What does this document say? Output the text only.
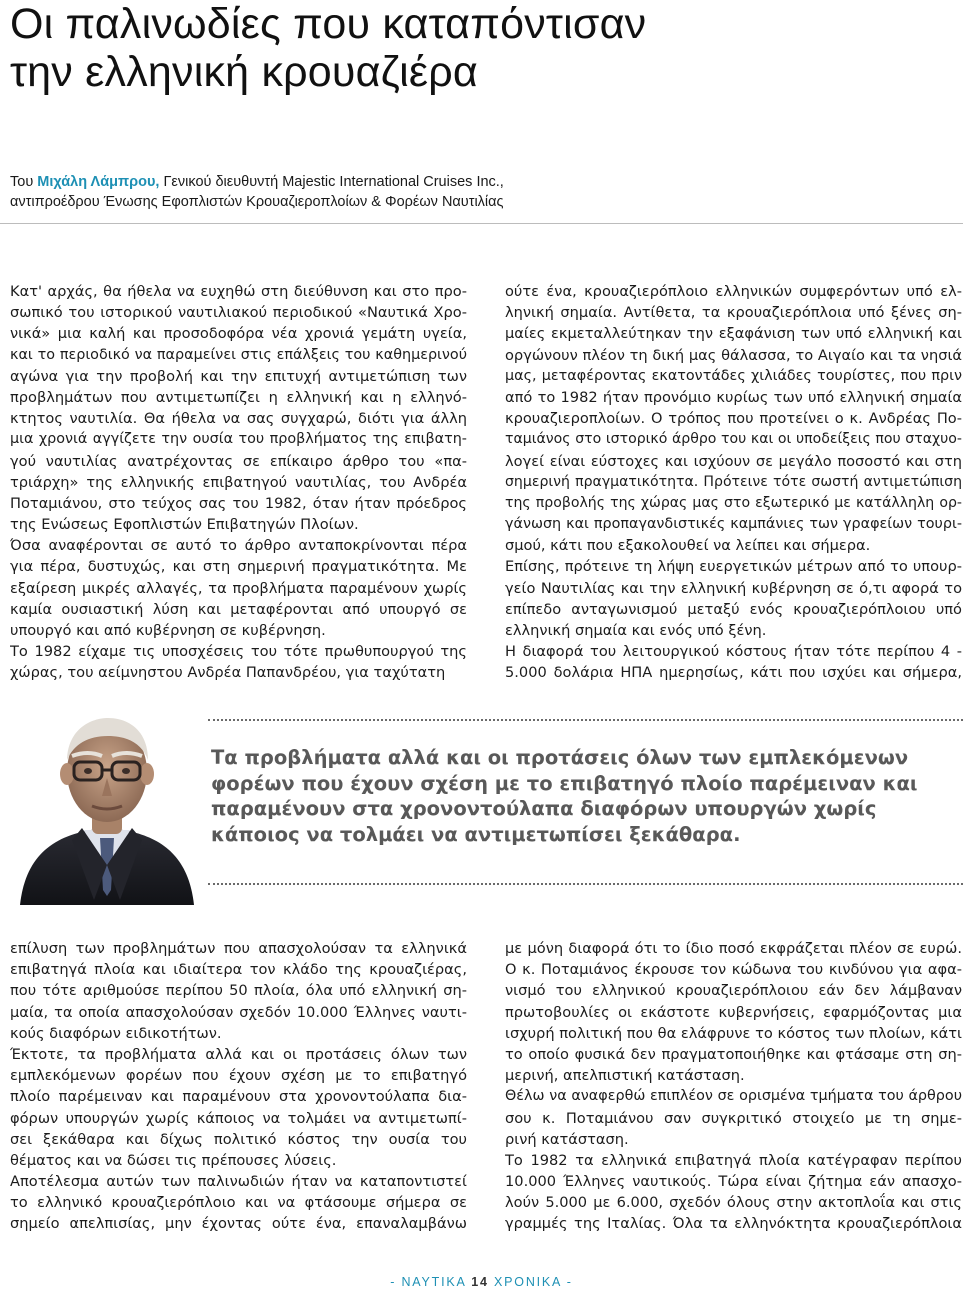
Οι παλινωδίες που καταπόντισαν
την ελληνική κρουαζιέρα
Του Μιχάλη Λάμπρου, Γενικού διευθυντή Majestic International Cruises Inc.,
αντιπροέδρου Ένωσης Εφοπλιστών Κρουαζιεροπλοίων & Φορέων Ναυτιλίας
Κατ' αρχάς, θα ήθελα να ευχηθώ στη διεύθυνση και στο προ-
σωπικό του ιστορικού ναυτιλιακού περιοδικού «Ναυτικά Χρο-
νικά» μια καλή και προσοδοφόρα νέα χρονιά γεμάτη υγεία,
και το περιοδικό να παραμείνει στις επάλξεις του καθημερινού
αγώνα για την προβολή και την επιτυχή αντιμετώπιση των
προβλημάτων που αντιμετωπίζει η ελληνική και η ελληνό-
κτητος ναυτιλία. Θα ήθελα να σας συγχαρώ, διότι για άλλη
μια χρονιά αγγίζετε την ουσία του προβλήματος της επιβατη-
γού ναυτιλίας ανατρέχοντας σε επίκαιρο άρθρο του «πα-
τριάρχη» της ελληνικής επιβατηγού ναυτιλίας, του Ανδρέα
Ποταμιάνου, στο τεύχος σας του 1982, όταν ήταν πρόεδρος
της Ενώσεως Εφοπλιστών Επιβατηγών Πλοίων.
Όσα αναφέρονται σε αυτό το άρθρο ανταποκρίνονται πέρα
για πέρα, δυστυχώς, και στη σημερινή πραγματικότητα. Με
εξαίρεση μικρές αλλαγές, τα προβλήματα παραμένουν χωρίς
καμία ουσιαστική λύση και μεταφέρονται από υπουργό σε
υπουργό και από κυβέρνηση σε κυβέρνηση.
Το 1982 είχαμε τις υποσχέσεις του τότε πρωθυπουργού της
χώρας, του αείμνηστου Ανδρέα Παπανδρέου, για ταχύτατη
ούτε ένα, κρουαζιερόπλοιο ελληνικών συμφερόντων υπό ελ-
ληνική σημαία. Αντίθετα, τα κρουαζιερόπλοια υπό ξένες ση-
μαίες εκμεταλλεύτηκαν την εξαφάνιση των υπό ελληνική και
οργώνουν πλέον τη δική μας θάλασσα, το Αιγαίο και τα νησιά
μας, μεταφέροντας εκατοντάδες χιλιάδες τουρίστες, που πριν
από το 1982 ήταν προνόμιο κυρίως των υπό ελληνική σημαία
κρουαζιεροπλοίων. Ο τρόπος που προτείνει ο κ. Ανδρέας Πο-
ταμιάνος στο ιστορικό άρθρο του και οι υποδείξεις που σταχυο-
λογεί είναι εύστοχες και ισχύουν σε μεγάλο ποσοστό και στη
σημερινή πραγματικότητα. Πρότεινε τότε σωστή αντιμετώπιση
της προβολής της χώρας μας στο εξωτερικό με κατάλληλη ορ-
γάνωση και προπαγανδιστικές καμπάνιες των γραφείων τουρι-
σμού, κάτι που εξακολουθεί να λείπει και σήμερα.
Επίσης, πρότεινε τη λήψη ευεργετικών μέτρων από το υπουρ-
γείο Ναυτιλίας και την ελληνική κυβέρνηση σε ό,τι αφορά το
επίπεδο ανταγωνισμού μεταξύ ενός κρουαζιερόπλοιου υπό
ελληνική σημαία και ενός υπό ξένη.
Η διαφορά του λειτουργικού κόστους ήταν τότε περίπου 4 -
5.000 δολάρια ΗΠΑ ημερησίως, κάτι που ισχύει και σήμερα,
Τα προβλήματα αλλά και οι προτάσεις όλων των εμπλεκόμενων
φορέων που έχουν σχέση με το επιβατηγό πλοίο παρέμειναν και
παραμένουν στα χρονοντούλαπα διαφόρων υπουργών χωρίς
κάποιος να τολμάει να αντιμετωπίσει ξεκάθαρα.
επίλυση των προβλημάτων που απασχολούσαν τα ελληνικά
επιβατηγά πλοία και ιδιαίτερα τον κλάδο της κρουαζιέρας,
που τότε αριθμούσε περίπου 50 πλοία, όλα υπό ελληνική ση-
μαία, τα οποία απασχολούσαν σχεδόν 10.000 Έλληνες ναυτι-
κούς διαφόρων ειδικοτήτων.
Έκτοτε, τα προβλήματα αλλά και οι προτάσεις όλων των
εμπλεκόμενων φορέων που έχουν σχέση με το επιβατηγό
πλοίο παρέμειναν και παραμένουν στα χρονοντούλαπα δια-
φόρων υπουργών χωρίς κάποιος να τολμάει να αντιμετωπί-
σει ξεκάθαρα και δίχως πολιτικό κόστος την ουσία του
θέματος και να δώσει τις πρέπουσες λύσεις.
Αποτέλεσμα αυτών των παλινωδιών ήταν να καταποντιστεί
το ελληνικό κρουαζιερόπλοιο και να φτάσουμε σήμερα σε
σημείο απελπισίας, μην έχοντας ούτε ένα, επαναλαμβάνω
με μόνη διαφορά ότι το ίδιο ποσό εκφράζεται πλέον σε ευρώ.
Ο κ. Ποταμιάνος έκρουσε τον κώδωνα του κινδύνου για αφα-
νισμό του ελληνικού κρουαζιερόπλοιου εάν δεν λάμβαναν
πρωτοβουλίες οι εκάστοτε κυβερνήσεις, εφαρμόζοντας μια
ισχυρή πολιτική που θα ελάφρυνε το κόστος των πλοίων, κάτι
το οποίο φυσικά δεν πραγματοποιήθηκε και φτάσαμε στη ση-
μερινή, απελπιστική κατάσταση.
Θέλω να αναφερθώ επιπλέον σε ορισμένα τμήματα του άρθρου
σου κ. Ποταμιάνου σαν συγκριτικό στοιχείο με τη σημε-
ρινή κατάσταση.
Το 1982 τα ελληνικά επιβατηγά πλοία κατέγραφαν περίπου
10.000 Έλληνες ναυτικούς. Τώρα είναι ζήτημα εάν απασχο-
λούν 5.000 με 6.000, σχεδόν όλους στην ακτοπλοΐα και στις
γραμμές της Ιταλίας. Όλα τα ελληνόκτητα κρουαζιερόπλοια
- ΝΑΥΤΙΚΑ 14 ΧΡΟΝΙΚΑ -
